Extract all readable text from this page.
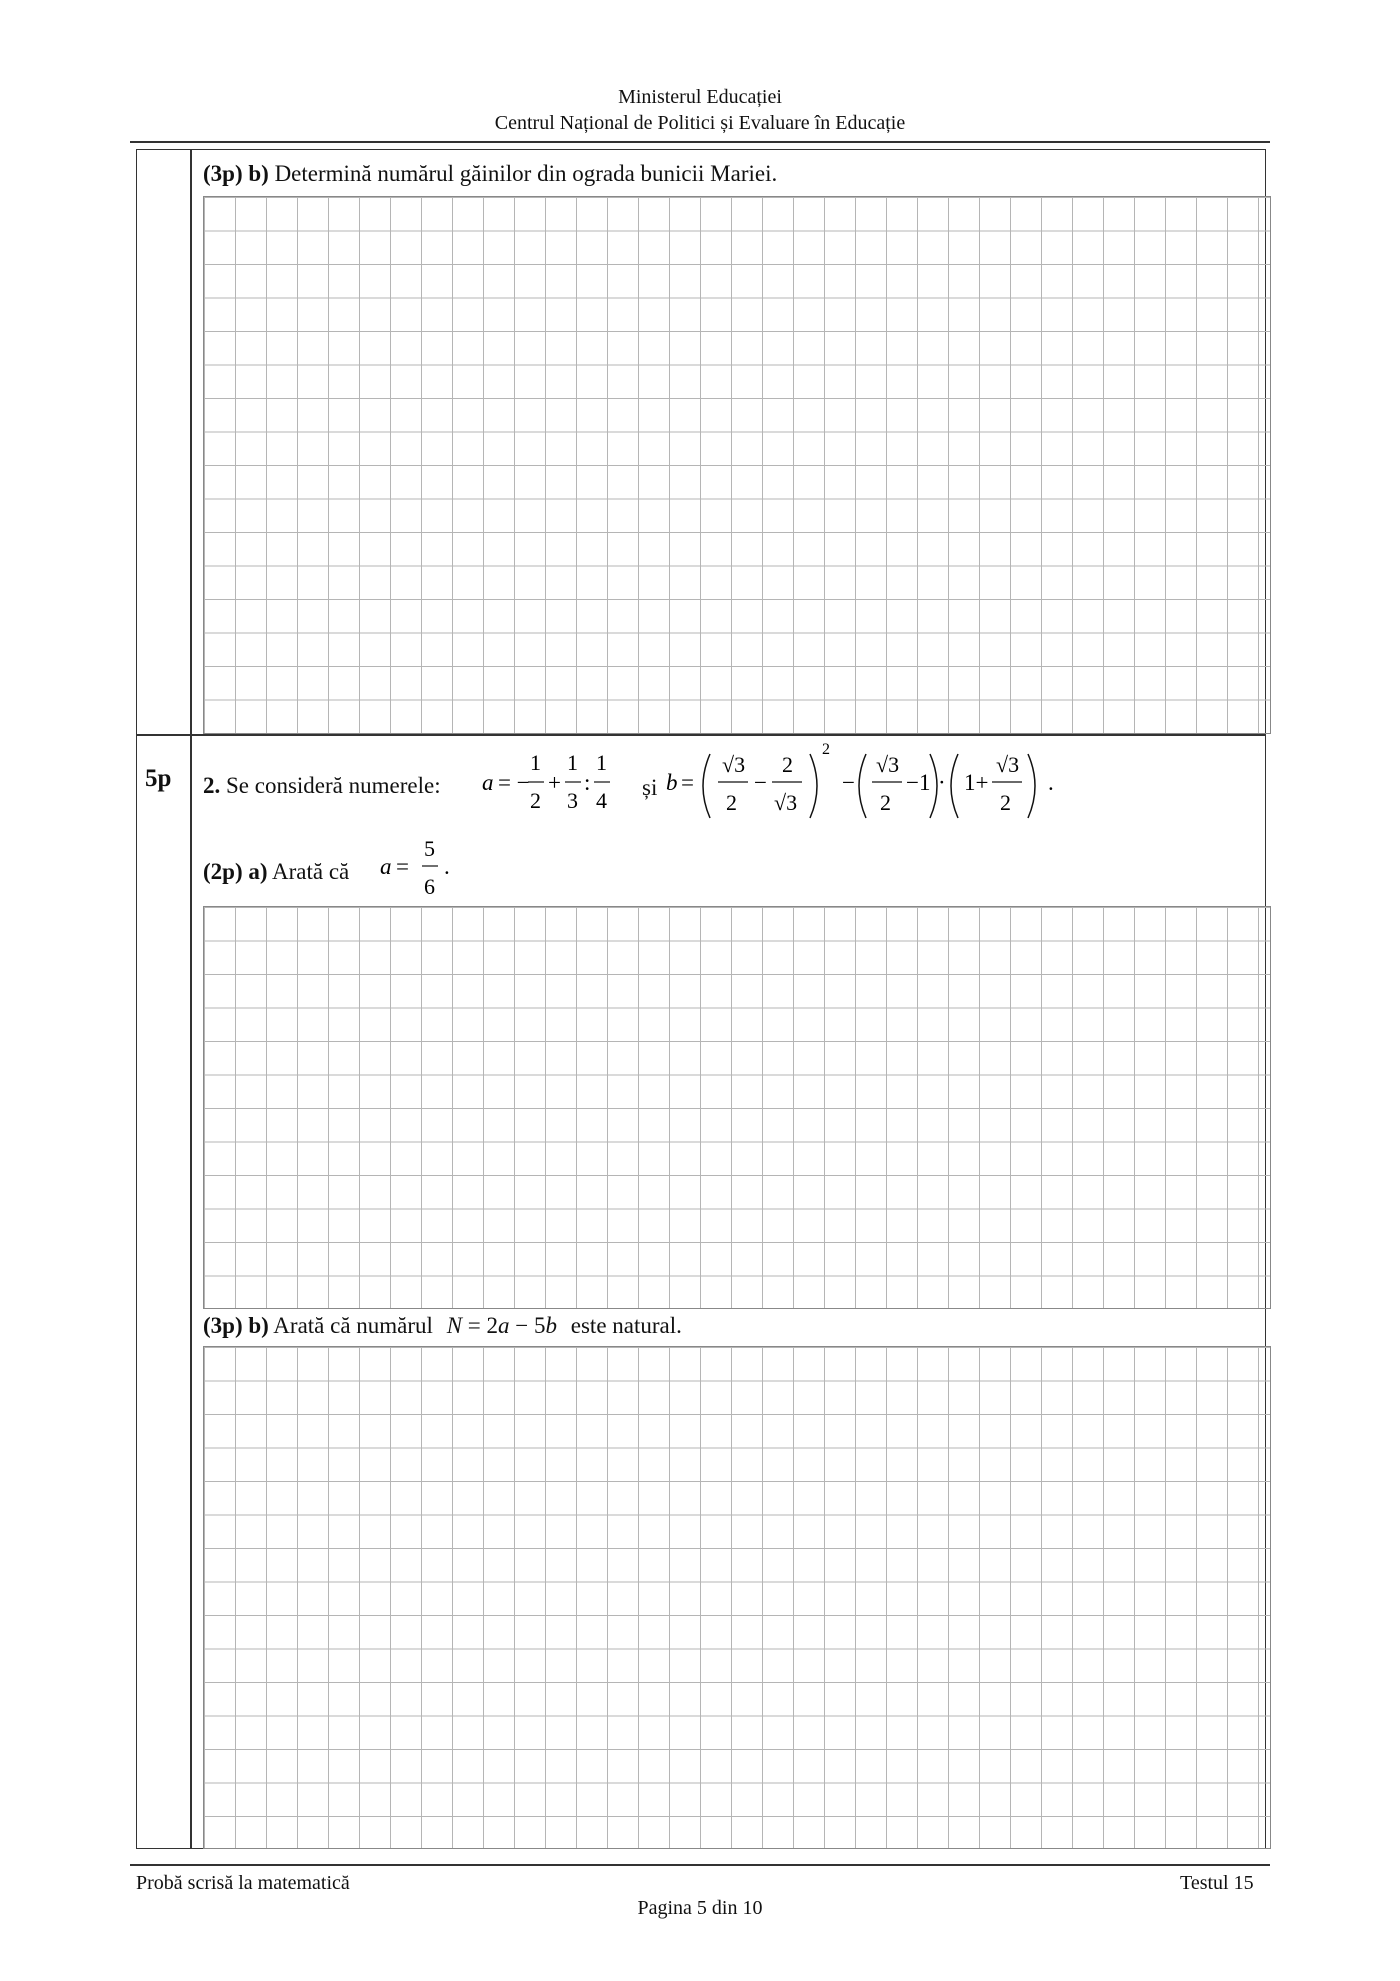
Ministerul Educației
Centrul Național de Politici și Evaluare în Educație
(3p) b) Determină numărul găinilor din ograda bunicii Mariei.
5p 2. Se consideră numerele: a = −
1
2
+
1
3
:
1
4
și b =
√3
2
−
2
√3
2
−
√3
2
−1 · 1+
√3
2
.
(2p) a) Arată că a =
5
6
.
(3p) b) Arată că numărul N = 2a − 5b este natural.
Probă scrisă la matematică	Testul 15
Pagina 5 din 10
